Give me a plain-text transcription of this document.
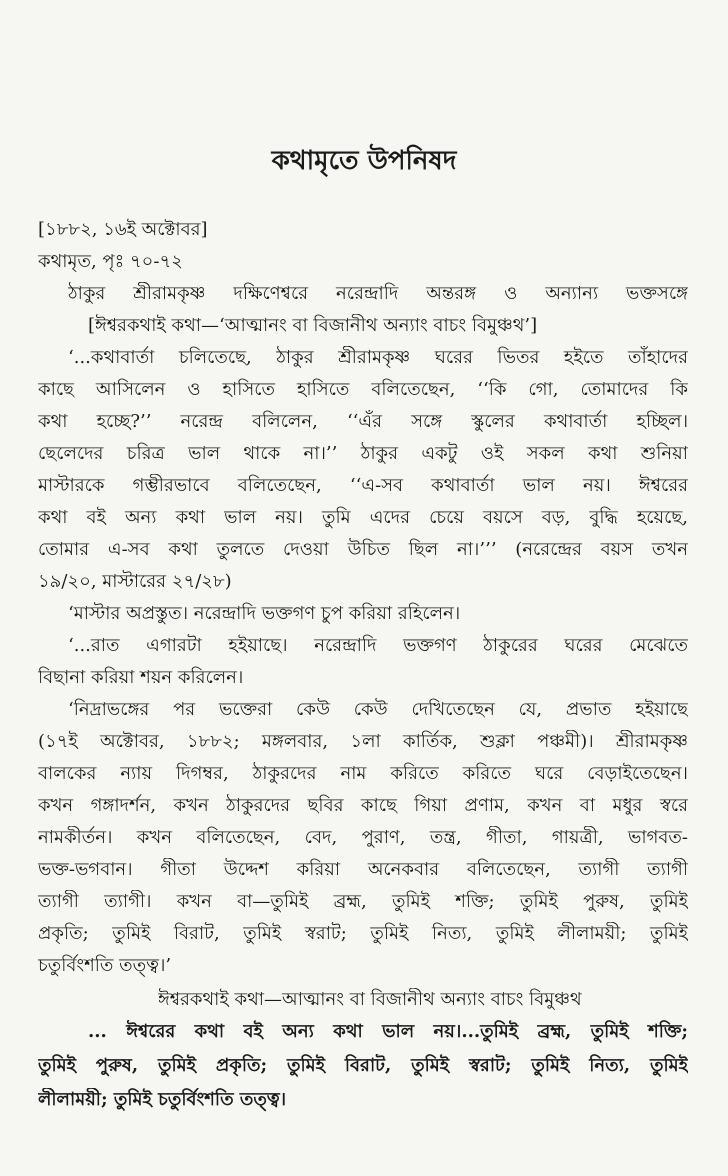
কথামৃতে উপনিষদ
[১৮৮২, ১৬ই অক্টোবর]
কথামৃত, পৃঃ ৭০-৭২
ঠাকুর শ্রীরামকৃষ্ণ দক্ষিণেশ্বরে নরেন্দ্রাদি অন্তরঙ্গ ও অন্যান্য ভক্তসঙ্গে
[ঈশ্বরকথাই কথা—‘আত্মানং বা বিজানীথ অন্যাং বাচং বিমুঞ্চথ’]
‘...কথাবার্তা চলিতেছে, ঠাকুর শ্রীরামকৃষ্ণ ঘরের ভিতর হইতে তাঁহাদের
কাছে আসিলেন ও হাসিতে হাসিতে বলিতেছেন, ‘‘কি গো, তোমাদের কি
কথা হচ্ছে?’’ নরেন্দ্র বলিলেন, ‘‘এঁর সঙ্গে স্কুলের কথাবার্তা হচ্ছিল।
ছেলেদের চরিত্র ভাল থাকে না।’’ ঠাকুর একটু ওই সকল কথা শুনিয়া
মাস্টারকে গম্ভীরভাবে বলিতেছেন, ‘‘এ-সব কথাবার্তা ভাল নয়। ঈশ্বরের
কথা বই অন্য কথা ভাল নয়। তুমি এদের চেয়ে বয়সে বড়, বুদ্ধি হয়েছে,
তোমার এ-সব কথা তুলতে দেওয়া উচিত ছিল না।’’’ (নরেন্দ্রের বয়স তখন
১৯/২০, মাস্টারের ২৭/২৮)
‘মাস্টার অপ্রস্তুত। নরেন্দ্রাদি ভক্তগণ চুপ করিয়া রহিলেন।
‘...রাত এগারটা হইয়াছে। নরেন্দ্রাদি ভক্তগণ ঠাকুরের ঘরের মেঝেতে
বিছানা করিয়া শয়ন করিলেন।
‘নিদ্রাভঙ্গের পর ভক্তেরা কেউ কেউ দেখিতেছেন যে, প্রভাত হইয়াছে
(১৭ই অক্টোবর, ১৮৮২; মঙ্গলবার, ১লা কার্তিক, শুক্লা পঞ্চমী)। শ্রীরামকৃষ্ণ
বালকের ন্যায় দিগম্বর, ঠাকুরদের নাম করিতে করিতে ঘরে বেড়াইতেছেন।
কখন গঙ্গাদর্শন, কখন ঠাকুরদের ছবির কাছে গিয়া প্রণাম, কখন বা মধুর স্বরে
নামকীর্তন। কখন বলিতেছেন, বেদ, পুরাণ, তন্ত্র, গীতা, গায়ত্রী, ভাগবত-
ভক্ত-ভগবান। গীতা উদ্দেশ করিয়া অনেকবার বলিতেছেন, ত্যাগী ত্যাগী
ত্যাগী ত্যাগী। কখন বা—তুমিই ব্রহ্ম, তুমিই শক্তি; তুমিই পুরুষ, তুমিই
প্রকৃতি; তুমিই বিরাট, তুমিই স্বরাট; তুমিই নিত্য, তুমিই লীলাময়ী; তুমিই
চতুর্বিংশতি তত্ত্ব।’
ঈশ্বরকথাই কথা—আত্মানং বা বিজানীথ অন্যাং বাচং বিমুঞ্চথ
... ঈশ্বরের কথা বই অন্য কথা ভাল নয়।...তুমিই ব্রহ্ম, তুমিই শক্তি;
তুমিই পুরুষ, তুমিই প্রকৃতি; তুমিই বিরাট, তুমিই স্বরাট; তুমিই নিত্য, তুমিই
লীলাময়ী; তুমিই চতুর্বিংশতি তত্ত্ব।
